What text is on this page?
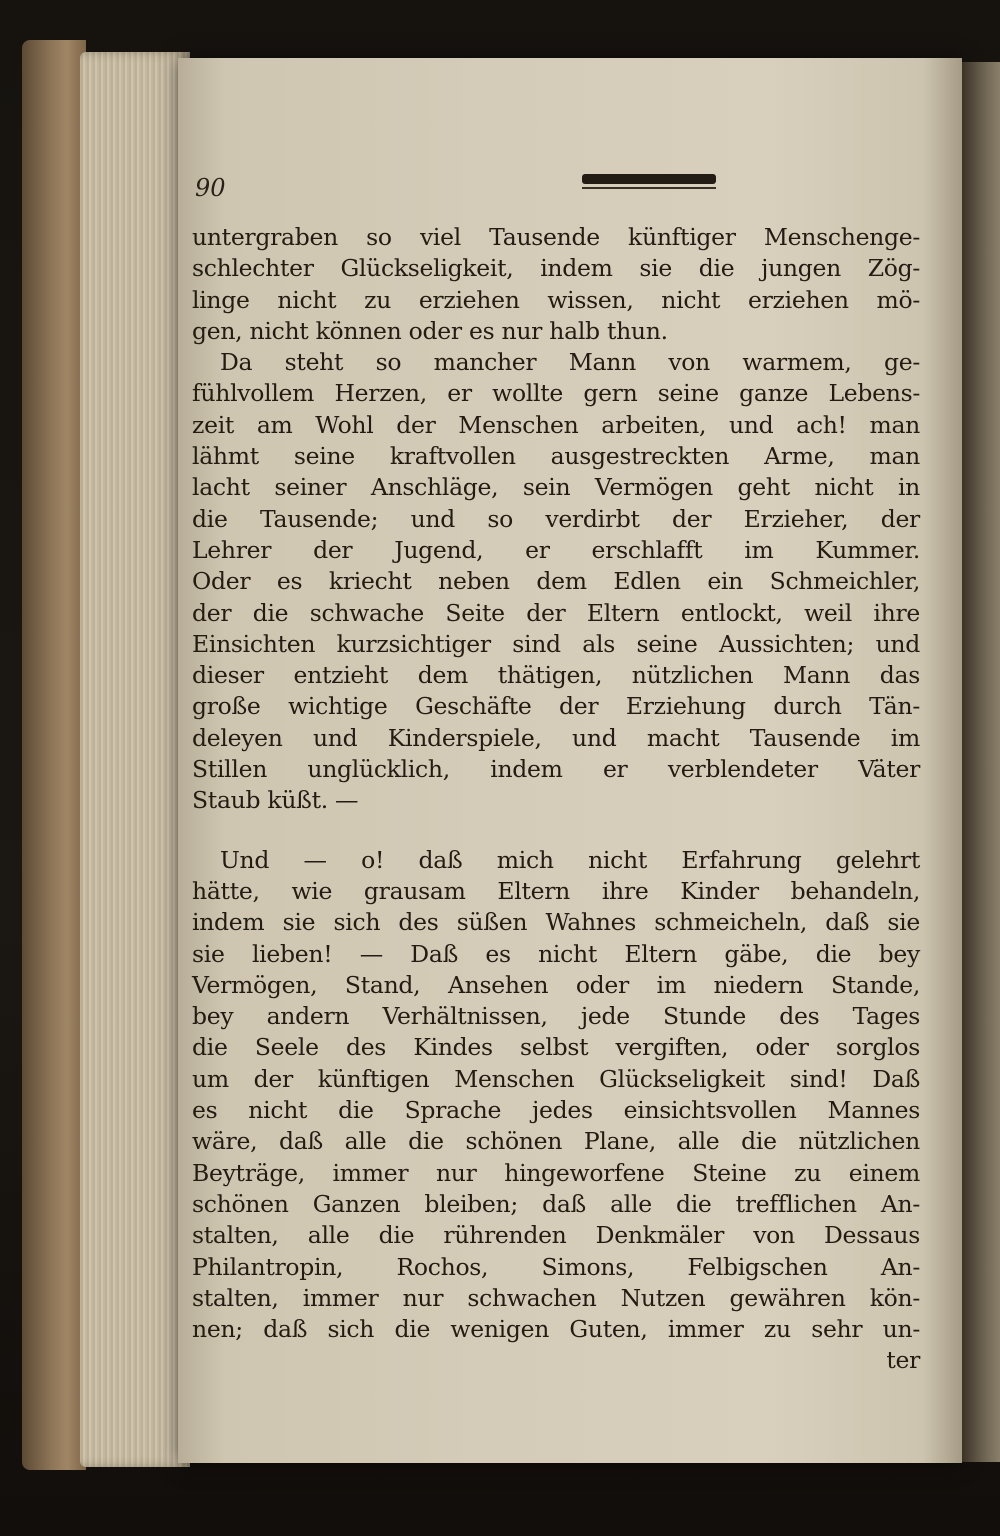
90
untergraben so viel Tausende künftiger Menschenge-
schlechter Glückseligkeit, indem sie die jungen Zög-
linge nicht zu erziehen wissen, nicht erziehen mö-
gen, nicht können oder es nur halb thun.
Da steht so mancher Mann von warmem, ge-
fühlvollem Herzen, er wollte gern seine ganze Lebens-
zeit am Wohl der Menschen arbeiten, und ach! man
lähmt seine kraftvollen ausgestreckten Arme, man
lacht seiner Anschläge, sein Vermögen geht nicht in
die Tausende; und so verdirbt der Erzieher, der
Lehrer der Jugend, er erschlafft im Kummer.
Oder es kriecht neben dem Edlen ein Schmeichler,
der die schwache Seite der Eltern entlockt, weil ihre
Einsichten kurzsichtiger sind als seine Aussichten; und
dieser entzieht dem thätigen, nützlichen Mann das
große wichtige Geschäfte der Erziehung durch Tän-
deleyen und Kinderspiele, und macht Tausende im
Stillen unglücklich, indem er verblendeter Väter
Staub küßt. —
Und — o! daß mich nicht Erfahrung gelehrt
hätte, wie grausam Eltern ihre Kinder behandeln,
indem sie sich des süßen Wahnes schmeicheln, daß sie
sie lieben! — Daß es nicht Eltern gäbe, die bey
Vermögen, Stand, Ansehen oder im niedern Stande,
bey andern Verhältnissen, jede Stunde des Tages
die Seele des Kindes selbst vergiften, oder sorglos
um der künftigen Menschen Glückseligkeit sind! Daß
es nicht die Sprache jedes einsichtsvollen Mannes
wäre, daß alle die schönen Plane, alle die nützlichen
Beyträge, immer nur hingeworfene Steine zu einem
schönen Ganzen bleiben; daß alle die trefflichen An-
stalten, alle die rührenden Denkmäler von Dessaus
Philantropin, Rochos, Simons, Felbigschen An-
stalten, immer nur schwachen Nutzen gewähren kön-
nen; daß sich die wenigen Guten, immer zu sehr un-
ter
